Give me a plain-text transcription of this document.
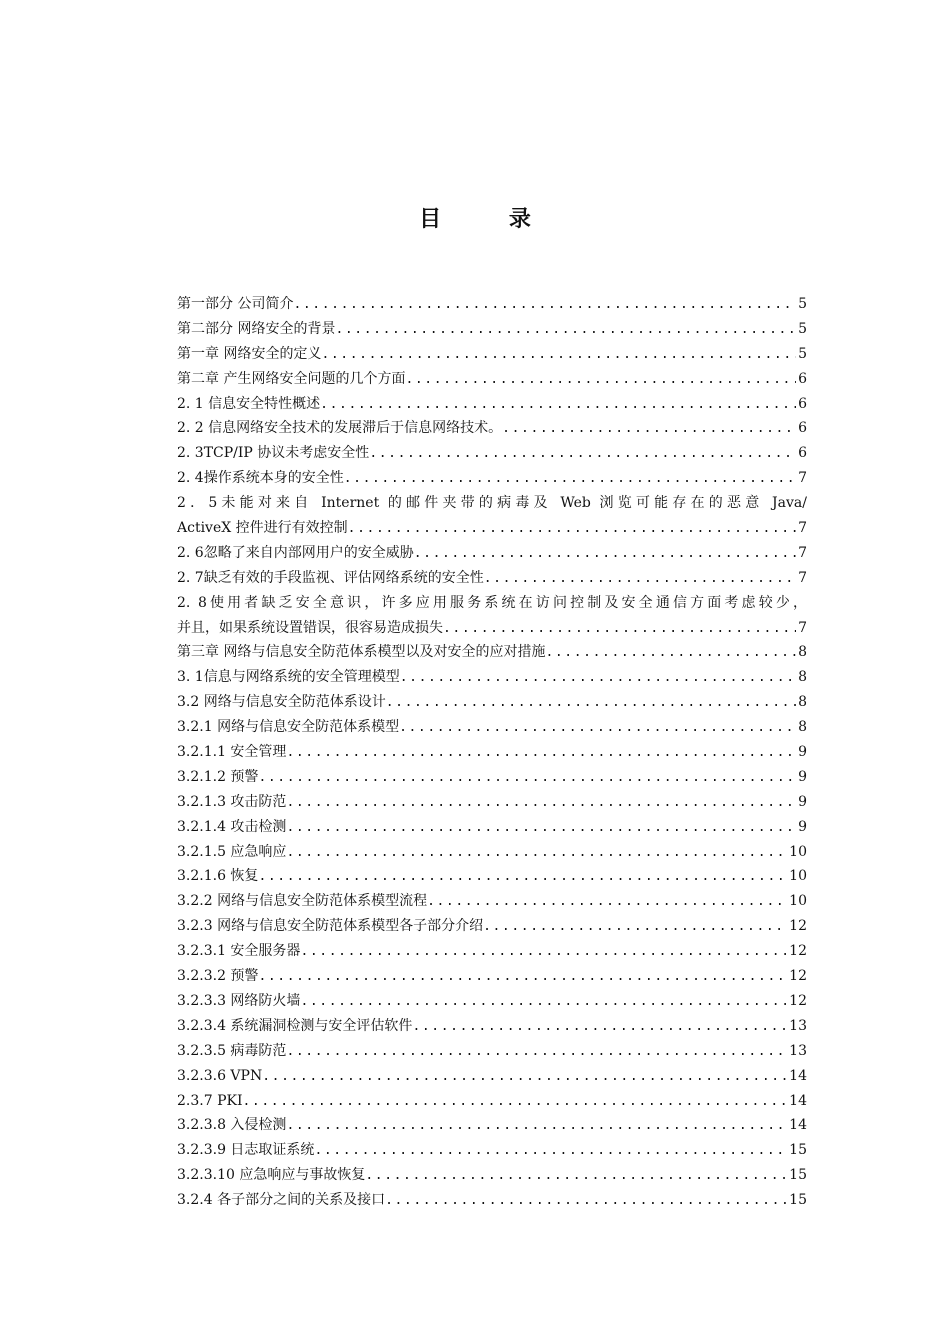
目 录
第一部分 公司简介 .....	5
第二部分 网络安全的背景 .....	5
第一章 网络安全的定义 .....	5
第二章 产生网络安全问题的几个方面 .....	6
2. 1 信息安全特性概述 .....	6
2. 2 信息网络安全技术的发展滞后于信息网络技术。 .....	6
2. 3TCP/IP 协议未考虑安全性 .....	6
2. 4操作系统本身的安全性 .....	7
2．5未能对来自 Internet 的邮件夹带的病毒及 Web 浏览可能存在的恶意 Java/
ActiveX 控件进行有效控制 .....	7
2. 6忽略了来自内部网用户的安全威胁 .....	7
2. 7缺乏有效的手段监视、评估网络系统的安全性 .....	7
2. 8使用者缺乏安全意识，许多应用服务系统在访问控制及安全通信方面考虑较少，
并且，如果系统设置错误，很容易造成损失 .....	7
第三章 网络与信息安全防范体系模型以及对安全的应对措施 .....	8
3. 1信息与网络系统的安全管理模型 .....	8
3.2 网络与信息安全防范体系设计 .....	8
3.2.1 网络与信息安全防范体系模型 .....	8
3.2.1.1 安全管理 .....	9
3.2.1.2 预警 .....	9
3.2.1.3 攻击防范 .....	9
3.2.1.4 攻击检测 .....	9
3.2.1.5 应急响应 .....	10
3.2.1.6 恢复 .....	10
3.2.2 网络与信息安全防范体系模型流程 .....	10
3.2.3 网络与信息安全防范体系模型各子部分介绍 .....	12
3.2.3.1 安全服务器 .....	12
3.2.3.2 预警 .....	12
3.2.3.3 网络防火墙 .....	12
3.2.3.4 系统漏洞检测与安全评估软件 .....	13
3.2.3.5 病毒防范 .....	13
3.2.3.6 VPN .....	14
2.3.7 PKI .....	14
3.2.3.8 入侵检测 .....	14
3.2.3.9 日志取证系统 .....	15
3.2.3.10 应急响应与事故恢复 .....	15
3.2.4 各子部分之间的关系及接口 .....	15
